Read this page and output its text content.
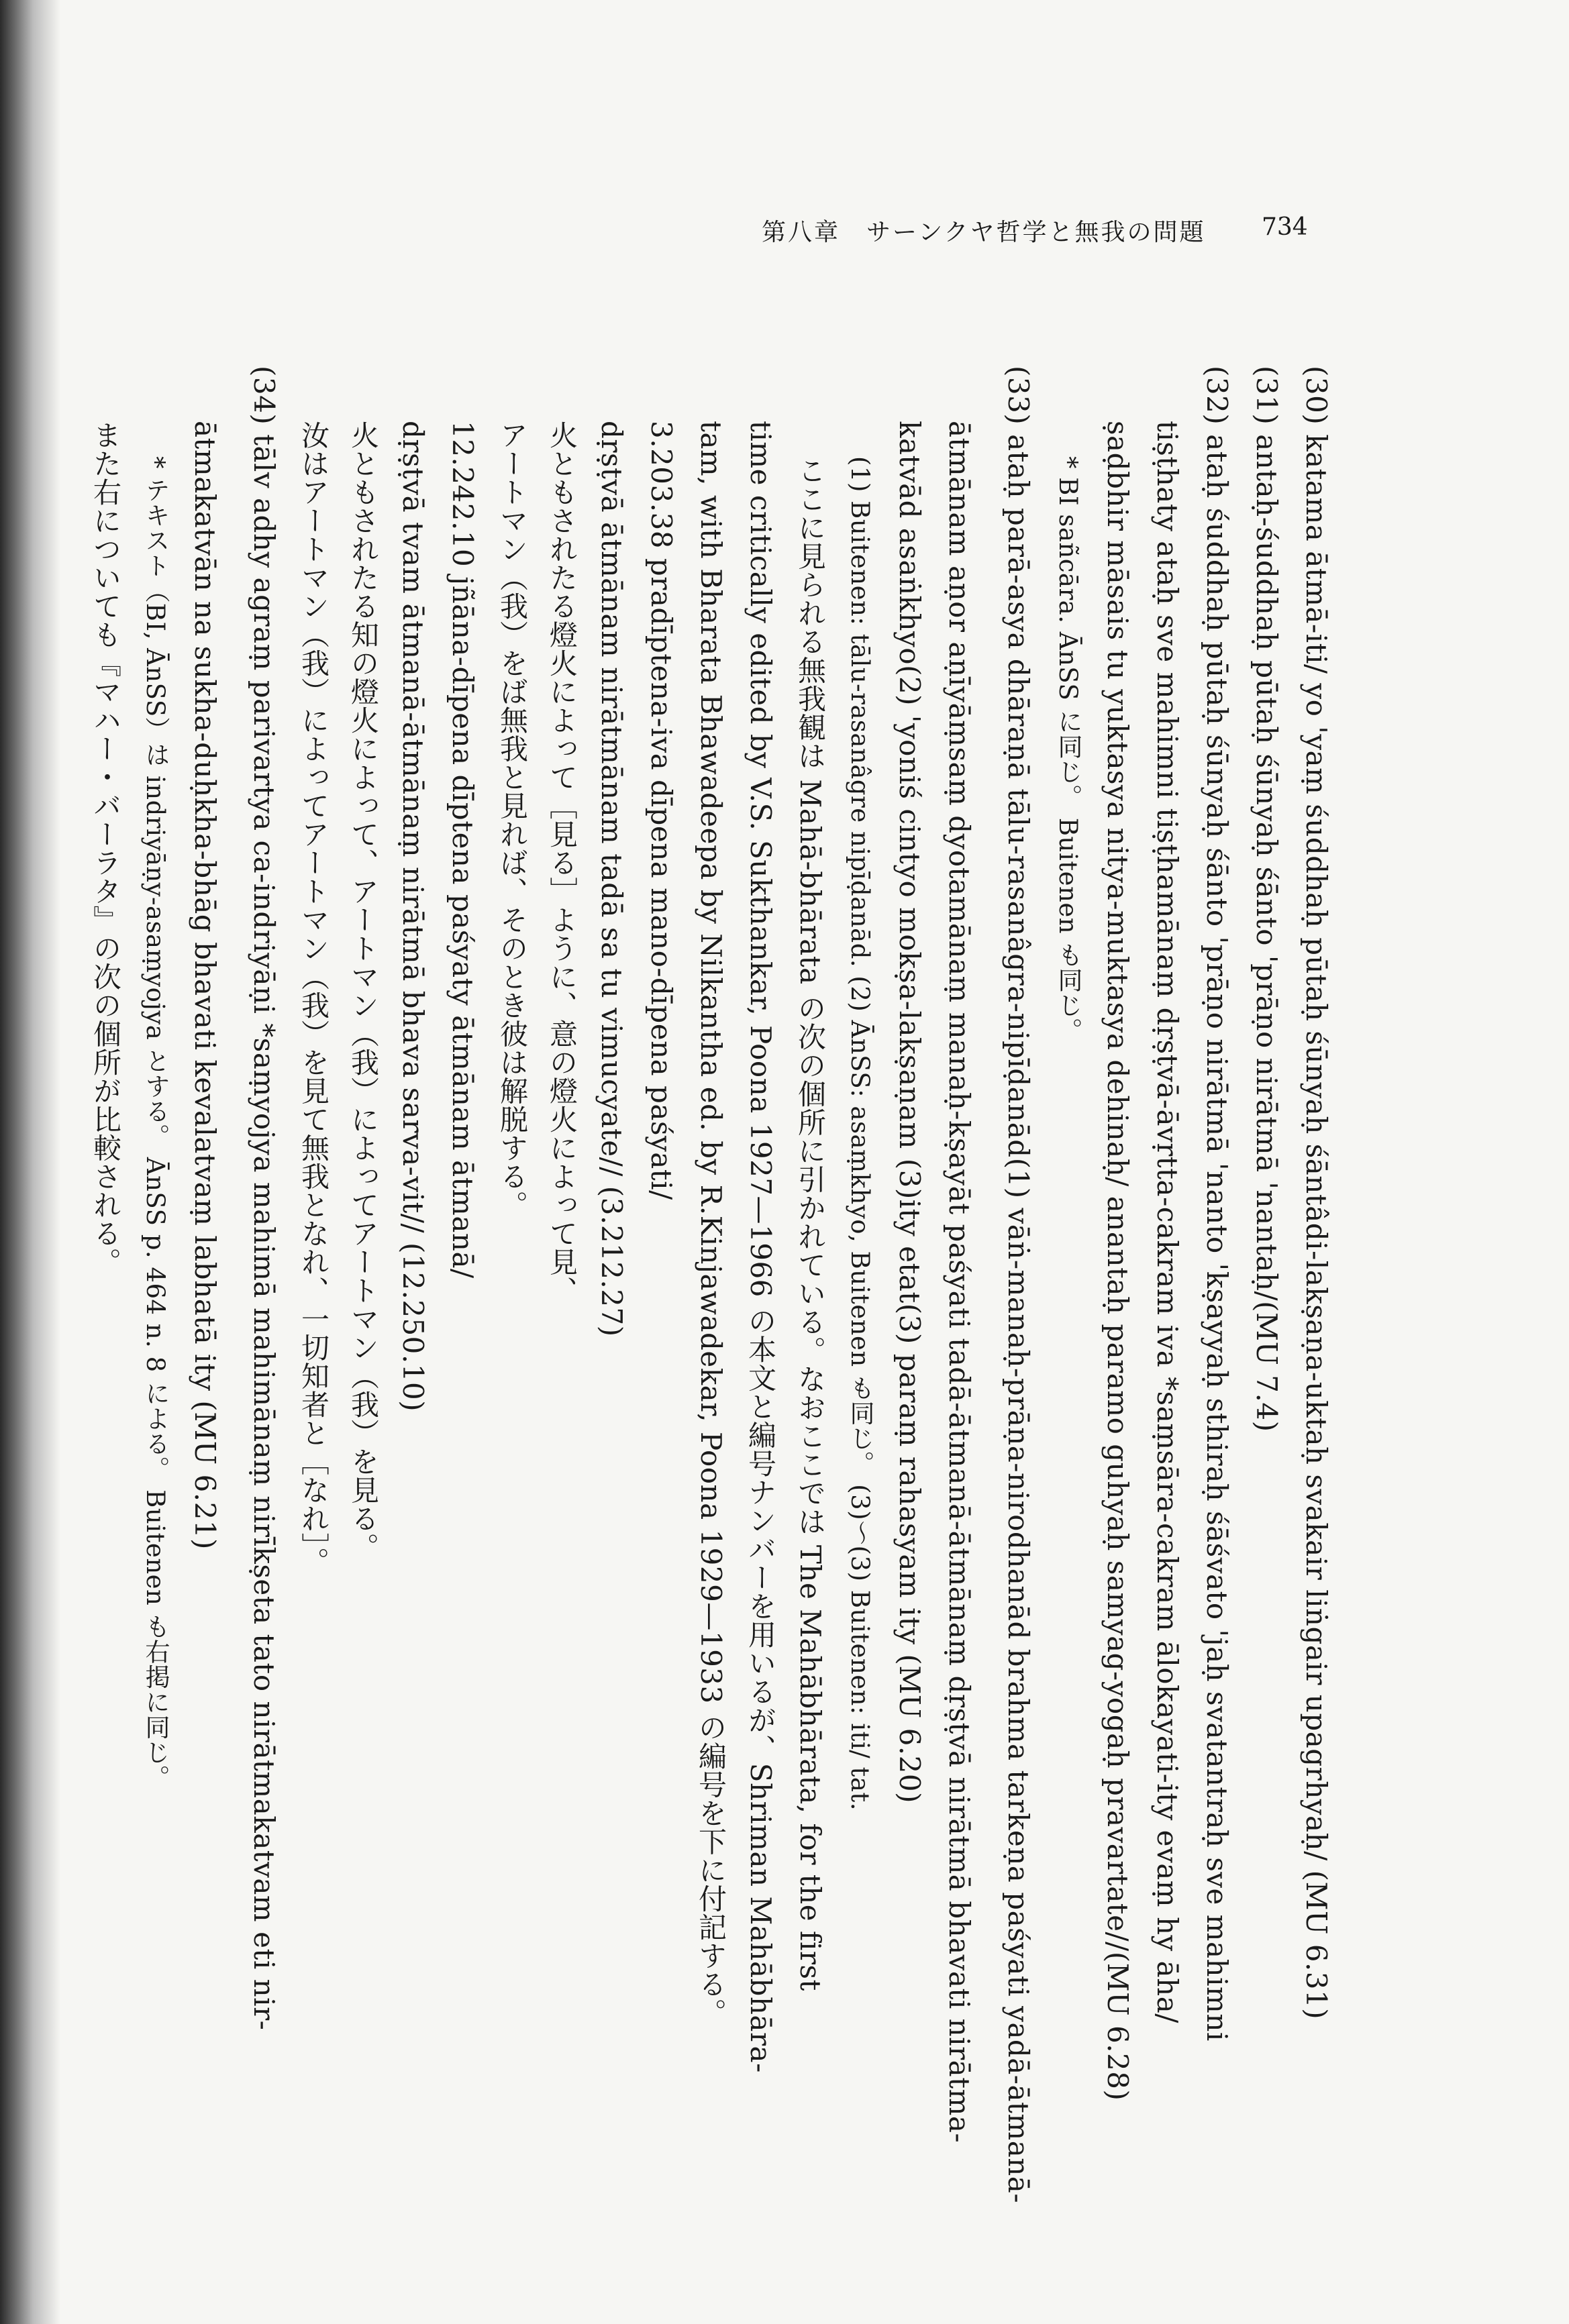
第八章　サーンクヤ哲学と無我の問題 734
(30) katama ātmā-iti/ yo 'yaṃ śuddhaḥ pūtaḥ śūnyaḥ śāntâdi-lakṣaṇa-uktaḥ svakair liṅgair upagrhyaḥ/ (MU 6.31)
(31) antaḥ-śuddhaḥ pūtaḥ śūnyaḥ śānto 'prāṇo nirātmā 'nantaḥ/(MU 7.4)
(32) ataḥ śuddhaḥ pūtaḥ śūnyaḥ śānto 'prāṇo nirātmā 'nanto 'kṣayyaḥ sthiraḥ śāśvato 'jaḥ svatantraḥ sve mahimni
tiṣṭhaty ataḥ sve mahimni tiṣṭhamānaṃ dṛṣṭvā-āvṛtta-cakram iva *saṃsāra-cakram ālokayati-ity evaṃ hy āha/
ṣaḍbhir māsais tu yuktasya nitya-muktasya dehinaḥ/ anantaḥ paramo guhyaḥ samyag-yogaḥ pravartate//(MU 6.28)
* BI sañcāra. ĀnSS に同じ。 Buitenen も同じ。
(33) ataḥ parā-asya dhāraṇā tālu-rasanâgra-nipīḍanād(1) vāṅ-manaḥ-prāṇa-nirodhanād brahma tarkeṇa paśyati yadā-ātmanā-
ātmānam aṇor aṇīyāṃsaṃ dyotamānaṃ manaḥ-kṣayāt paśyati tadā-ātmanā-ātmānaṃ dṛṣṭvā nirātmā bhavati nirātma-
katvād asaṅkhyo(2) 'yoniś cintyo mokṣa-lakṣaṇam (3)ity etat(3) paraṃ rahasyam ity (MU 6.20)
(1) Buitenen: tālu-rasanâgre nipīḍanād. (2) ĀnSS: asaṃkhyo, Buitenen も同じ。 (3)〜(3) Buitenen: iti/ tat.
ここに見られる無我観は Mahā-bhārata の次の個所に引かれている。なおここでは The Mahābhārata, for the first
time critically edited by V.S. Sukthankar, Poona 1927—1966 の本文と編号ナンバーを用いるが、Shriman Mahābhāra-
tam, with Bharata Bhawadeepa by Nilkantha ed. by R.Kinjawadekar, Poona 1929—1933 の編号を下に付記する。
3.203.38 pradīptena-iva dīpena mano-dīpena paśyati/
dṛṣṭvā ātmānam nirātmānam tadā sa tu vimucyate// (3.212.27)
火ともされたる燈火によって［見る］ように、意の燈火によって見、
アートマン（我）をば無我と見れば、そのとき彼は解脱する。
12.242.10 jñāna-dīpena dīptena paśyaty ātmānam ātmanā/
dṛṣṭvā tvam ātmanā-ātmānaṃ nirātmā bhava sarva-vit// (12.250.10)
火ともされたる知の燈火によって、アートマン（我）によってアートマン（我）を見る。
汝はアートマン（我）によってアートマン（我）を見て無我となれ、一切知者と［なれ］。
(34) tālv adhy agraṃ parivartya ca-indriyāṇi *saṃyojya mahimā mahimānaṃ nirīkṣeta tato nirātmakatvam eti nir-
ātmakatvān na sukha-duḥkha-bhāg bhavati kevalatvaṃ labhatā ity (MU 6.21)
* テキスト（BI, ĀnSS）は indriyāṇy-asaṃyojya とする。 ĀnSS p. 464 n. 8 による。 Buitenen も右掲に同じ。
また右についても『マハー・バーラタ』の次の個所が比較される。
